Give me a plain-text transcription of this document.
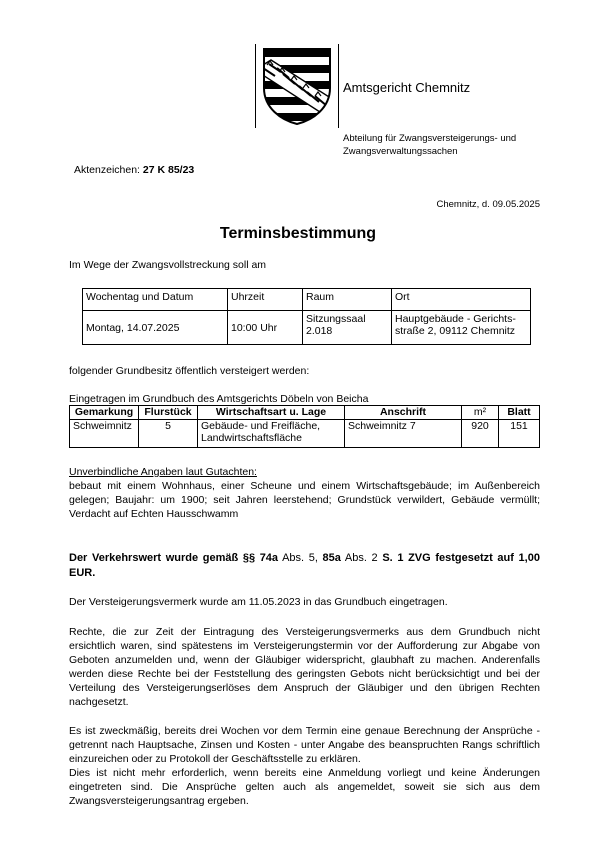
Amtsgericht Chemnitz
Abteilung für Zwangsversteigerungs- und
Zwangsverwaltungssachen
Aktenzeichen: 27 K 85/23
Chemnitz, d. 09.05.2025
Terminsbestimmung
Im Wege der Zwangsvollstreckung soll am
Wochentag und Datum	Uhrzeit	Raum	Ort
Montag, 14.07.2025	10:00 Uhr	Sitzungssaal 2.018	Hauptgebäude - Gerichts-straße 2, 09112 Chemnitz
folgender Grundbesitz öffentlich versteigert werden:
Eingetragen im Grundbuch des Amtsgerichts Döbeln von Beicha
Gemarkung	Flurstück	Wirtschaftsart u. Lage	Anschrift	m²	Blatt
Schweimnitz	5	Gebäude- und Freifläche, Landwirtschaftsfläche	Schweimnitz 7	920	151
Unverbindliche Angaben laut Gutachten:
bebaut mit einem Wohnhaus, einer Scheune und einem Wirtschaftsgebäude; im Außenbereich gelegen; Baujahr: um 1900; seit Jahren leerstehend; Grundstück verwildert, Gebäude vermüllt; Verdacht auf Echten Hausschwamm
Der Verkehrswert wurde gemäß §§ 74a Abs. 5, 85a Abs. 2 S. 1 ZVG festgesetzt auf 1,00 EUR.
Der Versteigerungsvermerk wurde am 11.05.2023 in das Grundbuch eingetragen.
Rechte, die zur Zeit der Eintragung des Versteigerungsvermerks aus dem Grundbuch nicht ersichtlich waren, sind spätestens im Versteigerungstermin vor der Aufforderung zur Abgabe von Geboten anzumelden und, wenn der Gläubiger widerspricht, glaubhaft zu machen. Anderenfalls werden diese Rechte bei der Feststellung des geringsten Gebots nicht berücksichtigt und bei der Verteilung des Versteigerungserlöses dem Anspruch der Gläubiger und den übrigen Rechten nachgesetzt.
Es ist zweckmäßig, bereits drei Wochen vor dem Termin eine genaue Berechnung der Ansprüche - getrennt nach Hauptsache, Zinsen und Kosten - unter Angabe des beanspruchten Rangs schriftlich einzureichen oder zu Protokoll der Geschäftsstelle zu erklären.
Dies ist nicht mehr erforderlich, wenn bereits eine Anmeldung vorliegt und keine Änderungen eingetreten sind. Die Ansprüche gelten auch als angemeldet, soweit sie sich aus dem Zwangsversteigerungsantrag ergeben.
